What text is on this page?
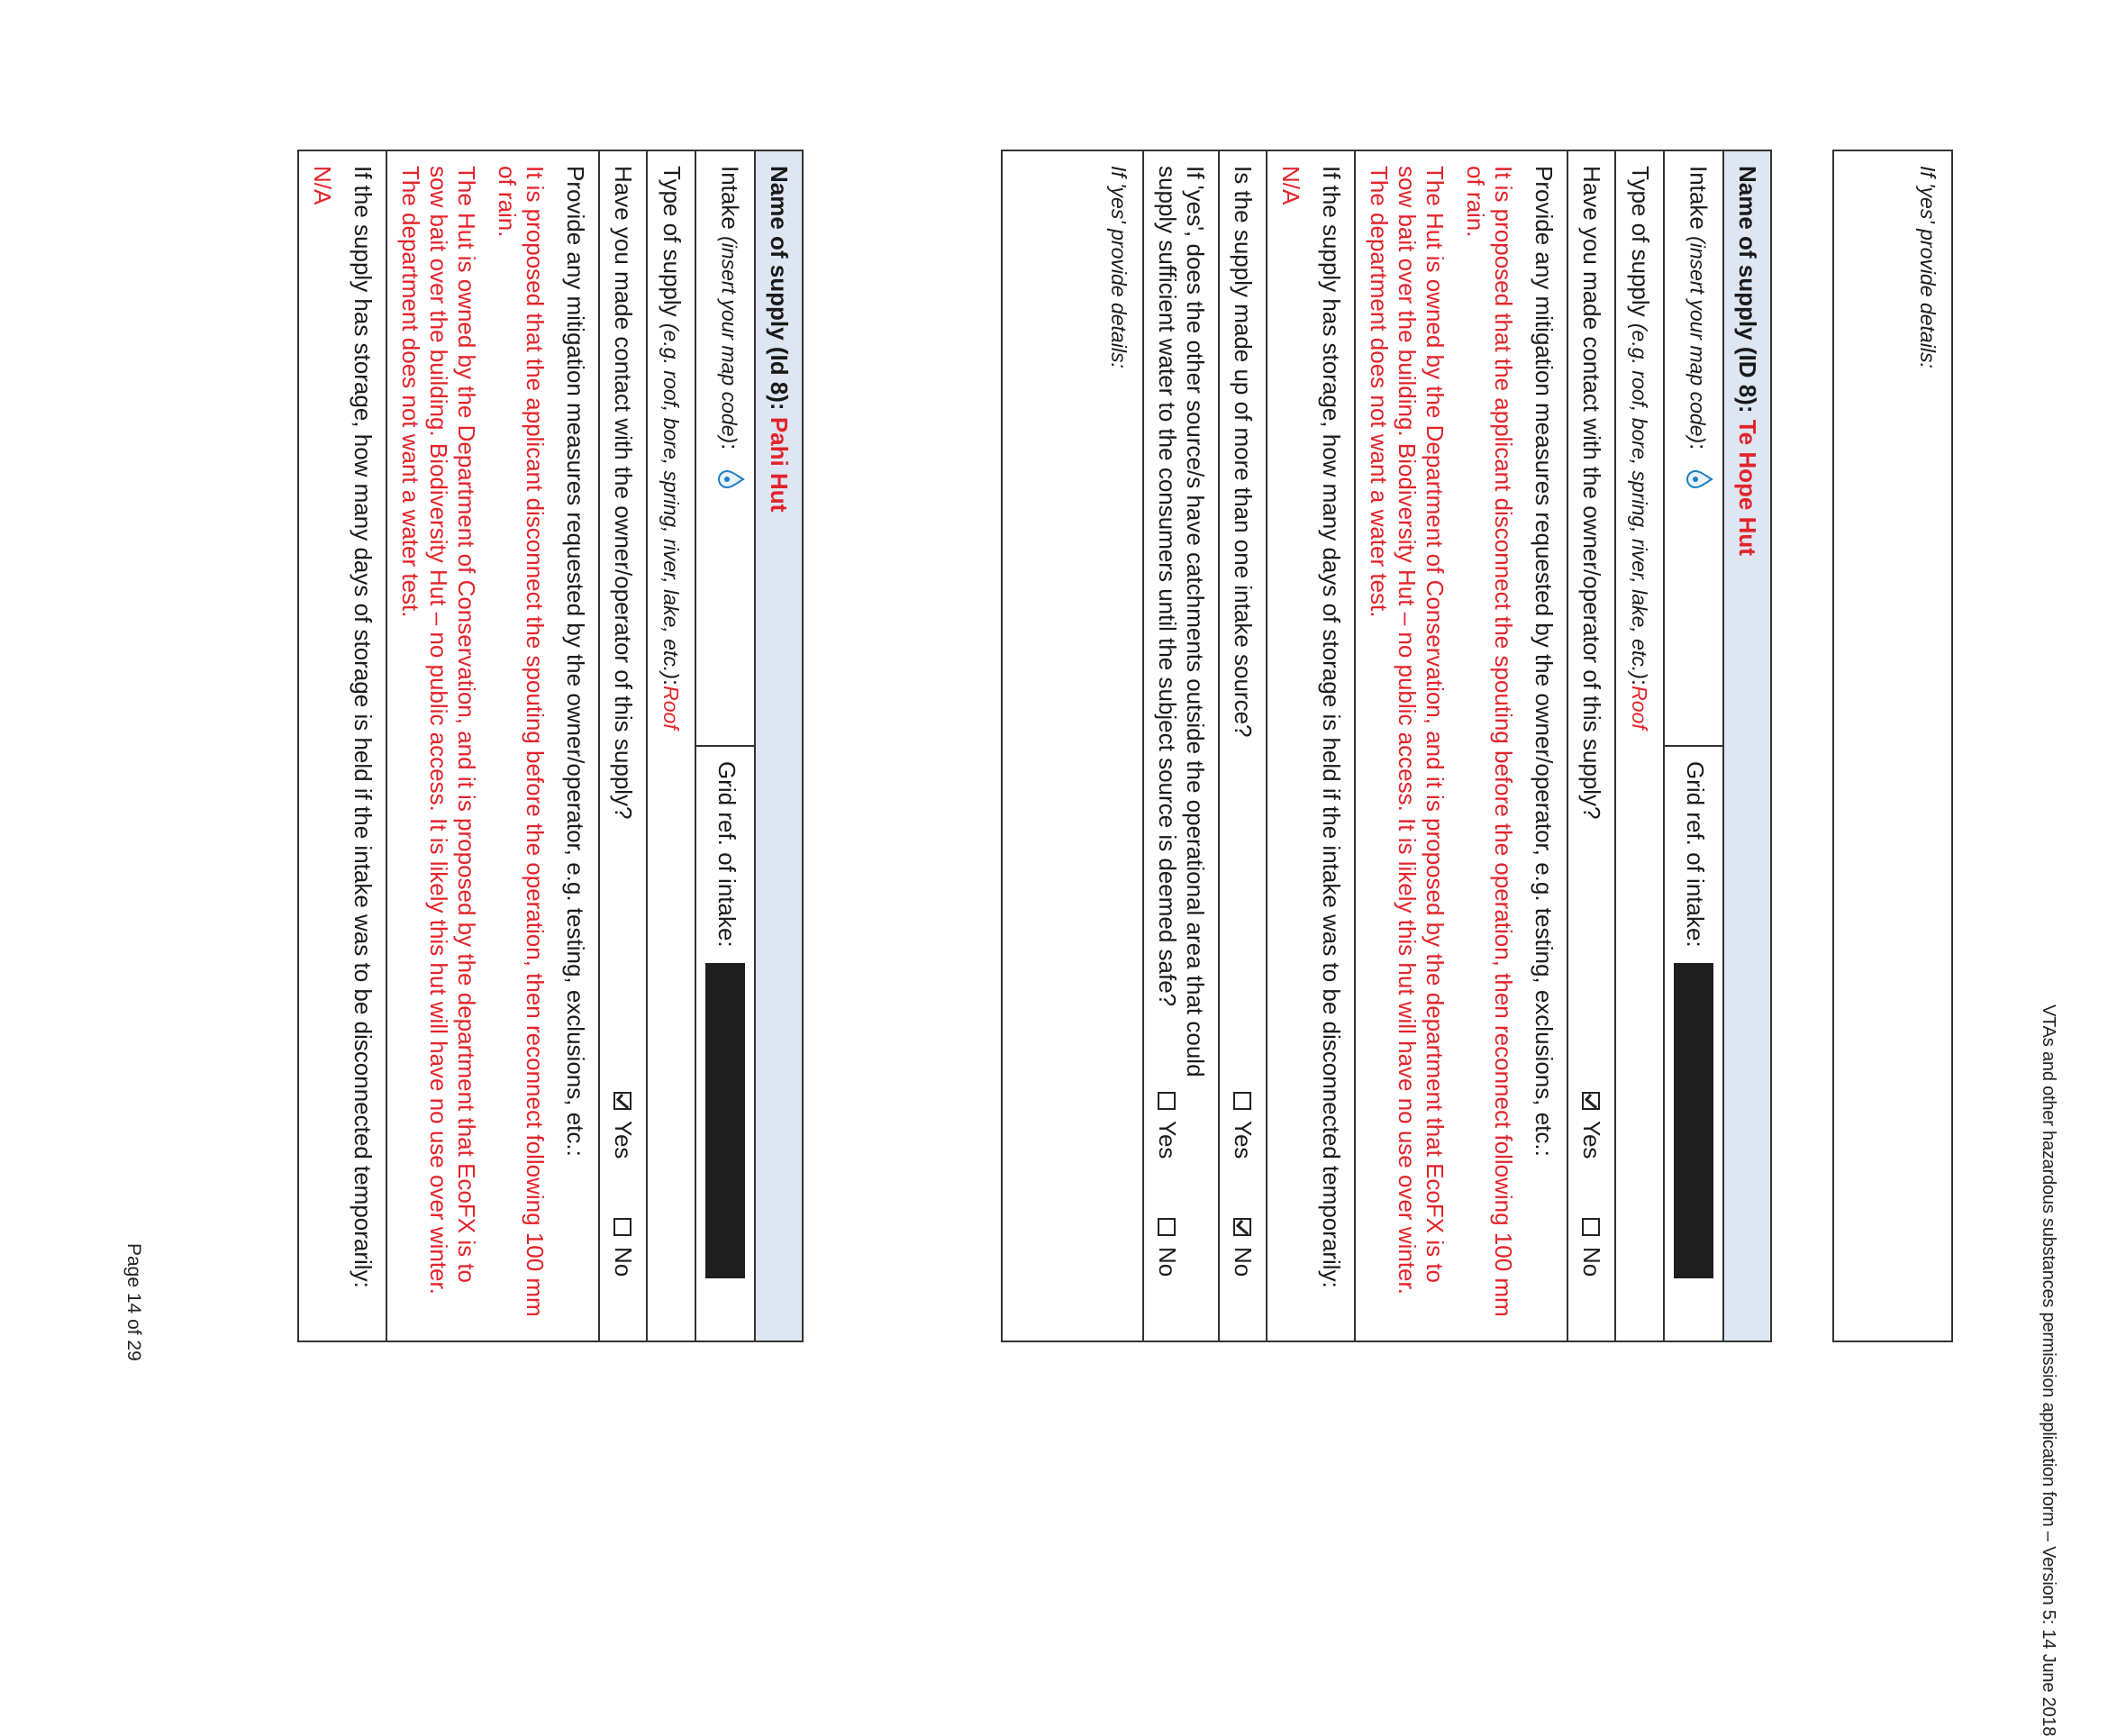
VTAs and other hazardous substances permission application form – Version 5: 14 June 2018
If 'yes' provide details:
Name of supply (ID 8): Te Hope Hut
Intake (insert your map code):	Grid ref. of intake:
Type of supply (e.g. roof, bore, spring, river, lake, etc.):Roof

Have you made contact with the owner/operator of this supply?
Yes
No

Provide any mitigation measures requested by the owner/operator, e.g. testing, exclusions, etc.:

It is proposed that the applicant disconnect the spouting before the operation, then reconnect following 100 mm of rain.

The Hut is owned by the Department of Conservation, and it is proposed by the department that EcoFX is to sow bait over the building. Biodiversity Hut – no public access. It is likely this hut will have no use over winter. The department does not want a water test.

If the supply has storage, how many days of storage is held if the intake was to be disconnected temporarily:

N/A

Is the supply made up of more than one intake source?
Yes
No

If 'yes', does the other source/s have catchments outside the operational area that could supply sufficient water to the consumers until the subject source is deemed safe?
Yes
No

If 'yes' provide details:
Name of supply (Id 8): Pahi Hut
Intake (insert your map code):	Grid ref. of intake:
Type of supply (e.g. roof, bore, spring, river, lake, etc.):Roof

Have you made contact with the owner/operator of this supply?
Yes
No

Provide any mitigation measures requested by the owner/operator, e.g. testing, exclusions, etc.:

It is proposed that the applicant disconnect the spouting before the operation, then reconnect following 100 mm of rain.

The Hut is owned by the Department of Conservation, and it is proposed by the department that EcoFX is to sow bait over the building. Biodiversity Hut – no public access. It is likely this hut will have no use over winter. The department does not want a water test.

If the supply has storage, how many days of storage is held if the intake was to be disconnected temporarily:

N/A

Page 14 of 29
